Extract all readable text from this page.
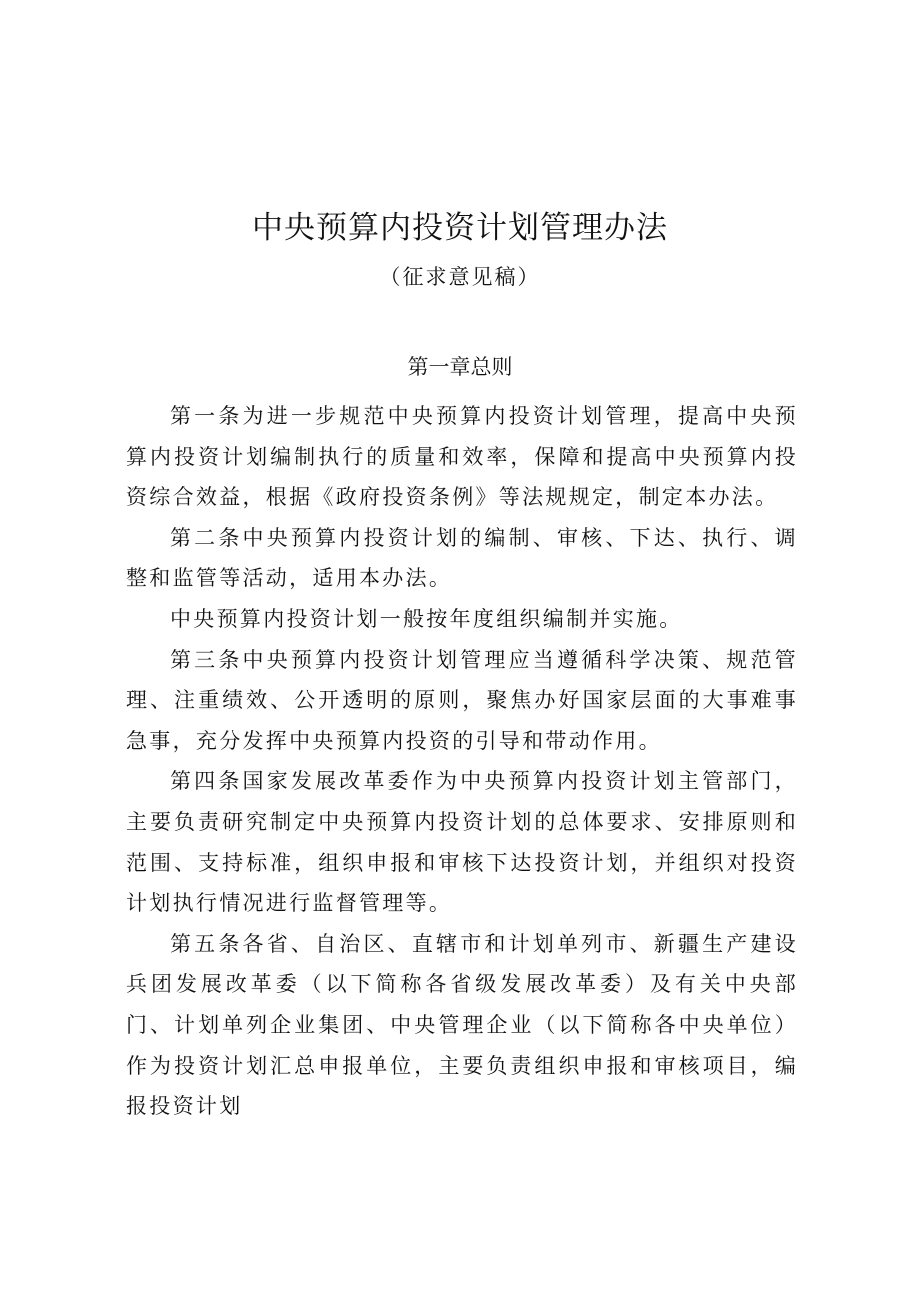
中央预算内投资计划管理办法
（征求意见稿）
第一章总则

第一条为进一步规范中央预算内投资计划管理，提高中央预算内投资计划编制执行的质量和效率，保障和提高中央预算内投资综合效益，根据《政府投资条例》等法规规定，制定本办法。

第二条中央预算内投资计划的编制、审核、下达、执行、调整和监管等活动，适用本办法。

中央预算内投资计划一般按年度组织编制并实施。

第三条中央预算内投资计划管理应当遵循科学决策、规范管理、注重绩效、公开透明的原则，聚焦办好国家层面的大事难事急事，充分发挥中央预算内投资的引导和带动作用。

第四条国家发展改革委作为中央预算内投资计划主管部门，主要负责研究制定中央预算内投资计划的总体要求、安排原则和范围、支持标准，组织申报和审核下达投资计划，并组织对投资计划执行情况进行监督管理等。

第五条各省、自治区、直辖市和计划单列市、新疆生产建设兵团发展改革委（以下简称各省级发展改革委）及有关中央部门、计划单列企业集团、中央管理企业（以下简称各中央单位）作为投资计划汇总申报单位，主要负责组织申报和审核项目，编报投资计划
